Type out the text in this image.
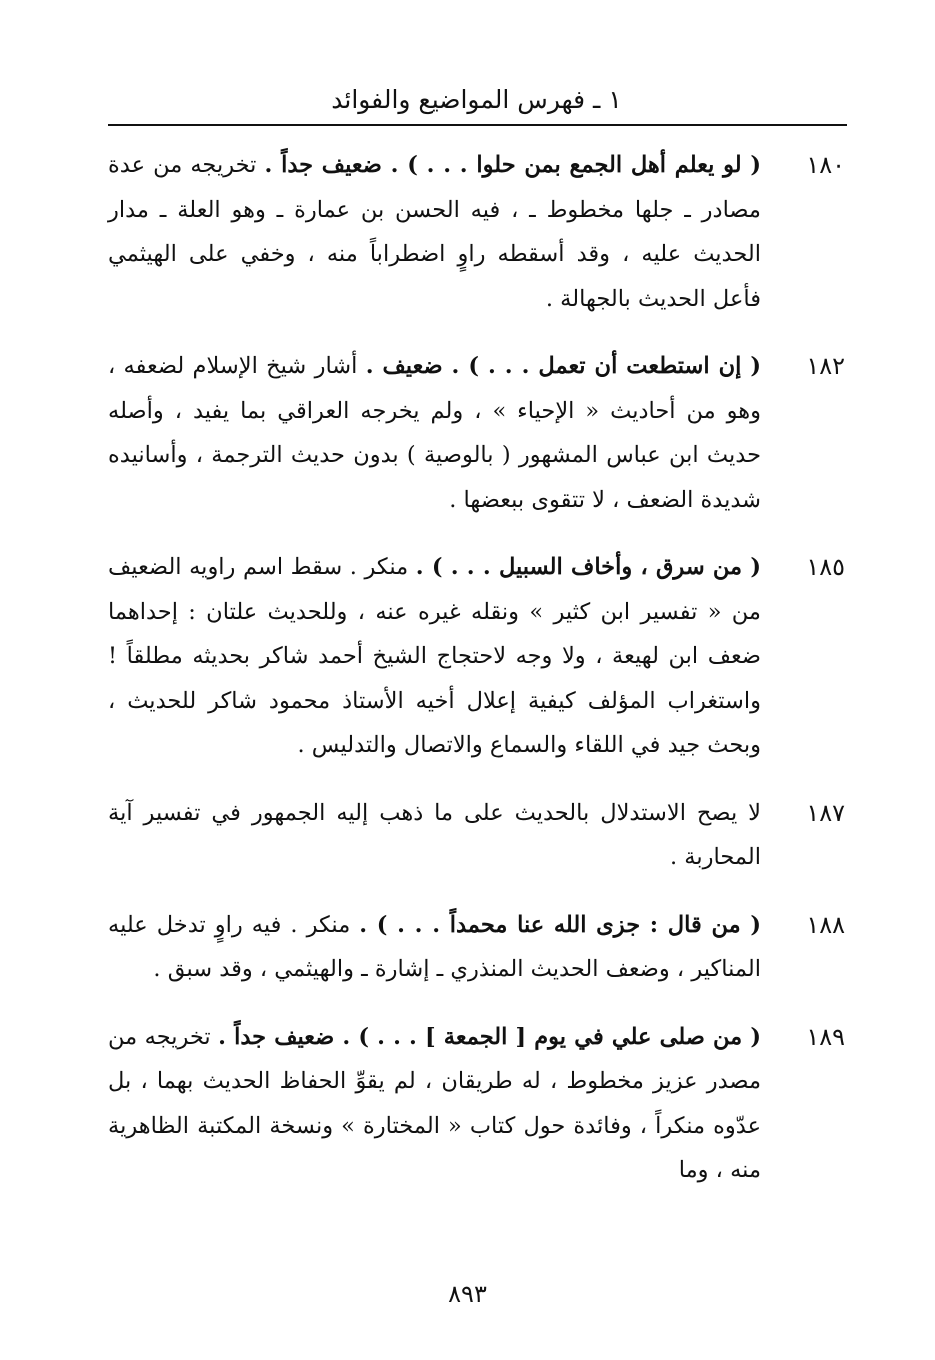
١ ـ فهرس المواضيع والفوائد
١٨٠
( لو يعلم أهل الجمع بمن حلوا . . . ) . ضعيف جداً . تخريجه من عدة مصادر ـ جلها مخطوط ـ ، فيه الحسن بن عمارة ـ وهو العلة ـ مدار الحديث عليه ، وقد أسقطه راوٍ اضطراباً منه ، وخفي على الهيثمي فأعل الحديث بالجهالة .
١٨٢
( إن استطعت أن تعمل . . . ) . ضعيف . أشار شيخ الإسلام لضعفه ، وهو من أحاديث « الإحياء » ، ولم يخرجه العراقي بما يفيد ، وأصله حديث ابن عباس المشهور ( بالوصية ) بدون حديث الترجمة ، وأسانيده شديدة الضعف ، لا تتقوى ببعضها .
١٨٥
( من سرق ، وأخاف السبيل . . . ) . منكر . سقط اسم راويه الضعيف من « تفسير ابن كثير » ونقله غيره عنه ، وللحديث علتان : إحداهما ضعف ابن لهيعة ، ولا وجه لاحتجاج الشيخ أحمد شاكر بحديثه مطلقاً ! واستغراب المؤلف كيفية إعلال أخيه الأستاذ محمود شاكر للحديث ، وبحث جيد في اللقاء والسماع والاتصال والتدليس .
١٨٧
لا يصح الاستدلال بالحديث على ما ذهب إليه الجمهور في تفسير آية المحاربة .
١٨٨
( من قال : جزى الله عنا محمداً . . . ) . منكر . فيه راوٍ تدخل عليه المناكير ، وضعف الحديث المنذري ـ إشارة ـ والهيثمي ، وقد سبق .
١٨٩
( من صلى علي في يوم [ الجمعة ] . . . ) . ضعيف جداً . تخريجه من مصدر عزيز مخطوط ، له طريقان ، لم يقوِّ الحفاظ الحديث بهما ، بل عدّوه منكراً ، وفائدة حول كتاب « المختارة » ونسخة المكتبة الظاهرية منه ، وما
٨٩٣
